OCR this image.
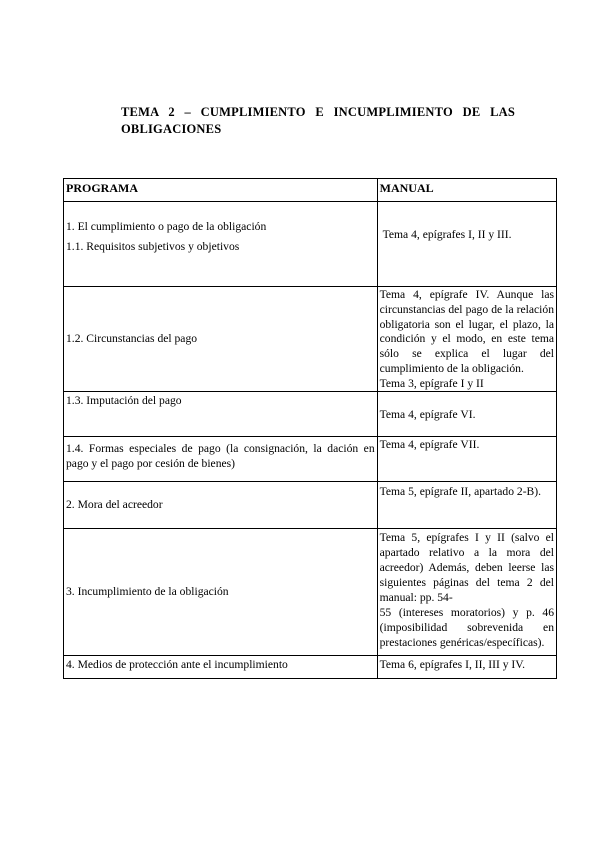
TEMA 2 – CUMPLIMIENTO E INCUMPLIMIENTO DE LAS OBLIGACIONES
PROGRAMA	MANUAL

1. El cumplimiento o pago de la obligación

1.1. Requisitos subjetivos y objetivos	Tema 4, epígrafes I, II y III.
1.2. Circunstancias del pago	Tema 4, epígrafe IV. Aunque las circunstancias del pago de la relación obligatoria son el lugar, el plazo, la condición y el modo, en este tema sólo se explica el lugar del cumplimiento de la obligación.

Tema 3, epígrafe I y II

1.3. Imputación del pago	Tema 4, epígrafe VI.
1.4. Formas especiales de pago (la consignación, la dación en pago y el pago por cesión de bienes)	Tema 4, epígrafe VII.
2. Mora del acreedor	Tema 5, epígrafe II, apartado 2-B).
3. Incumplimiento de la obligación	Tema 5, epígrafes I y II (salvo el apartado relativo a la mora del acreedor) Además, deben leerse las siguientes páginas del tema 2 del manual: pp. 54-

55 (intereses moratorios) y p. 46 (imposibilidad sobrevenida en prestaciones genéricas/específicas).

4. Medios de protección ante el incumplimiento	Tema 6, epígrafes I, II, III y IV.
